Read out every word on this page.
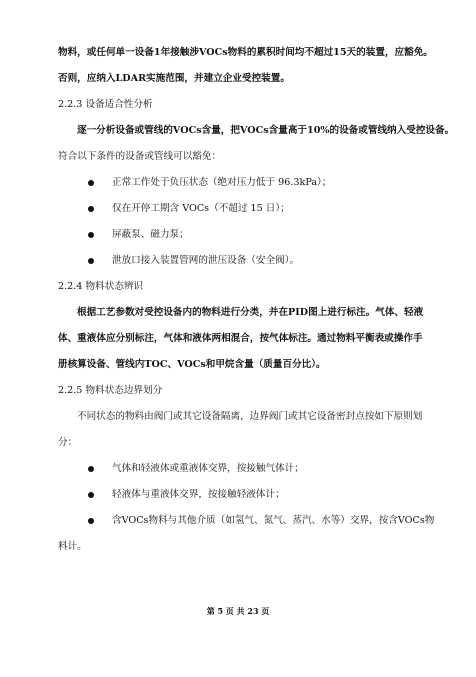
物料，或任何单一设备1年接触涉VOCs物料的累积时间均不超过15天的装置，应豁免。

否则，应纳入LDAR实施范围，并建立企业受控装置。

2.2.3 设备适合性分析

逐一分析设备或管线的VOCs含量，把VOCs含量高于10%的设备或管线纳入受控设备。

符合以下条件的设备或管线可以豁免：

正常工作处于负压状态（绝对压力低于 96.3kPa）；
仅在开停工期含 VOCs（不超过 15 日）；
屏蔽泵、磁力泵；
泄放口接入装置管网的泄压设备（安全阀）。

2.2.4 物料状态辨识

根据工艺参数对受控设备内的物料进行分类，并在PID图上进行标注。气体、轻液

体、重液体应分别标注，气体和液体两相混合，按气体标注。通过物料平衡表或操作手

册核算设备、管线内TOC、VOCs和甲烷含量（质量百分比）。

2.2.5 物料状态边界划分

不同状态的物料由阀门或其它设备隔离，边界阀门或其它设备密封点按如下原则划

分：

气体和轻液体或重液体交界，按接触气体计；
轻液体与重液体交界，按接触轻液体计；
含VOCs物料与其他介质（如氢气、氮气、蒸汽、水等）交界，按含VOCs物

料计。

第 5 页 共 23 页
